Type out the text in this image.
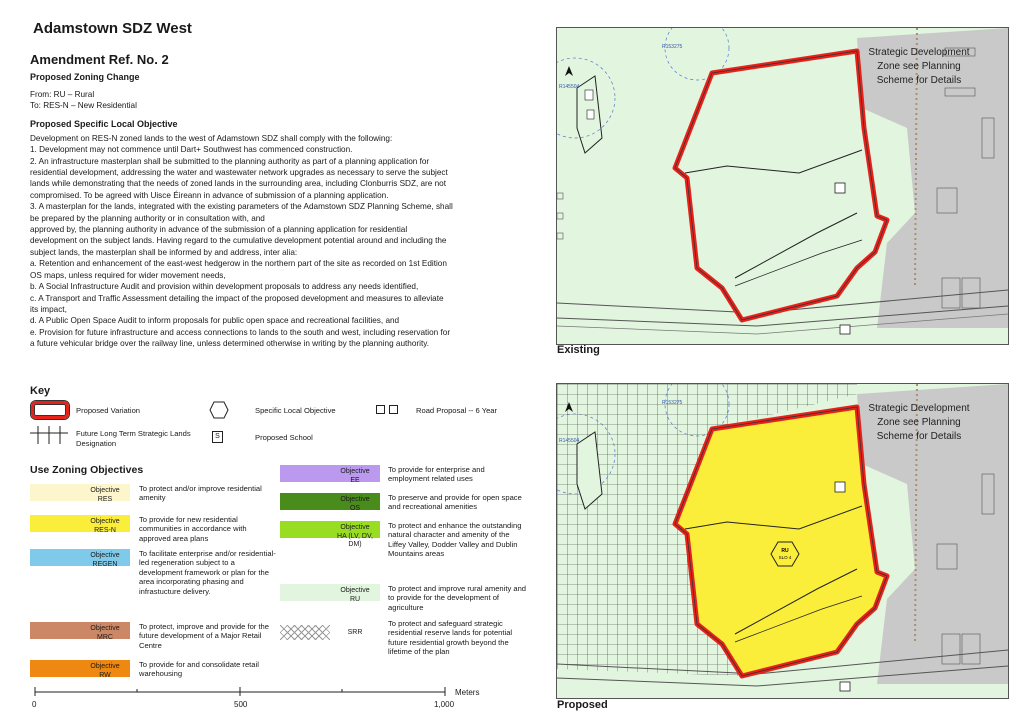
Adamstown SDZ West
Amendment Ref. No. 2
Proposed Zoning Change
From: RU – Rural
To: RES-N – New Residential
Proposed Specific Local Objective
Development on RES-N zoned lands to the west of Adamstown SDZ shall comply with the following:
1. Development may not commence until Dart+ Southwest has commenced construction.
2. An infrastructure masterplan shall be submitted to the planning authority as part of a planning application for
residential development, addressing the water and wastewater network upgrades as necessary to serve the subject
lands while demonstrating that the needs of zoned lands in the surrounding area, including Clonburris SDZ, are not
compromised. To be agreed with Uisce Éireann in advance of submission of a planning application.
3. A masterplan for the lands, integrated with the existing parameters of the Adamstown SDZ Planning Scheme, shall
be prepared by the planning authority or in consultation with, and
approved by, the planning authority in advance of the submission of a planning application for residential
development on the subject lands. Having regard to the cumulative development potential around and including the
subject lands, the masterplan shall be informed by and address, inter alia:
a. Retention and enhancement of the east-west hedgerow in the northern part of the site as recorded on 1st Edition
OS maps, unless required for wider movement needs,
b. A Social Infrastructure Audit and provision within development proposals to address any needs identified,
c. A Transport and Traffic Assessment detailing the impact of the proposed development and measures to alleviate
its impact,
d. A Public Open Space Audit to inform proposals for public open space and recreational facilities, and
e. Provision for future infrastructure and access connections to lands to the south and west, including reservation for
a future vehicular bridge over the railway line, unless determined otherwise in writing by the planning authority.
Key
Proposed Variation	Specific Local Objective	Road Proposal -- 6 Year
Future Long Term Strategic Lands Designation
S	Proposed School
Use Zoning Objectives
Objective RES
To protect and/or improve residential amenity
Objective RES-N
To provide for new residential communities in accordance with approved area plans
Objective REGEN
To facilitate enterprise and/or residential-led regeneration subject to a development framework or plan for the area incorporating phasing and infrastucture delivery.
Objective MRC
To protect, improve and provide for the future development of a Major Retail Centre
Objective RW
To provide for and consolidate retail warehousing
Objective EE
To provide for enterprise and employment related uses
Objective OS
To preserve and provide for open space and recreational amenities
Objective HA (LV, DV, DM)
To protect and enhance the outstanding natural character and amenity of the Liffey Valley, Dodder Valley and Dublin Mountains areas
Objective RU
To protect and improve rural amenity and to provide for the development of agriculture
SRR
To protect and safeguard strategic residential reserve lands for potential future residential growth beyond the lifetime of the plan
0	500	1,000
Meters
R153275
R145504
Strategic Development
Zone see Planning
Scheme for Details
Existing
RU
SLO 4
R153275
R145504
Strategic Development
Zone see Planning
Scheme for Details
Proposed
